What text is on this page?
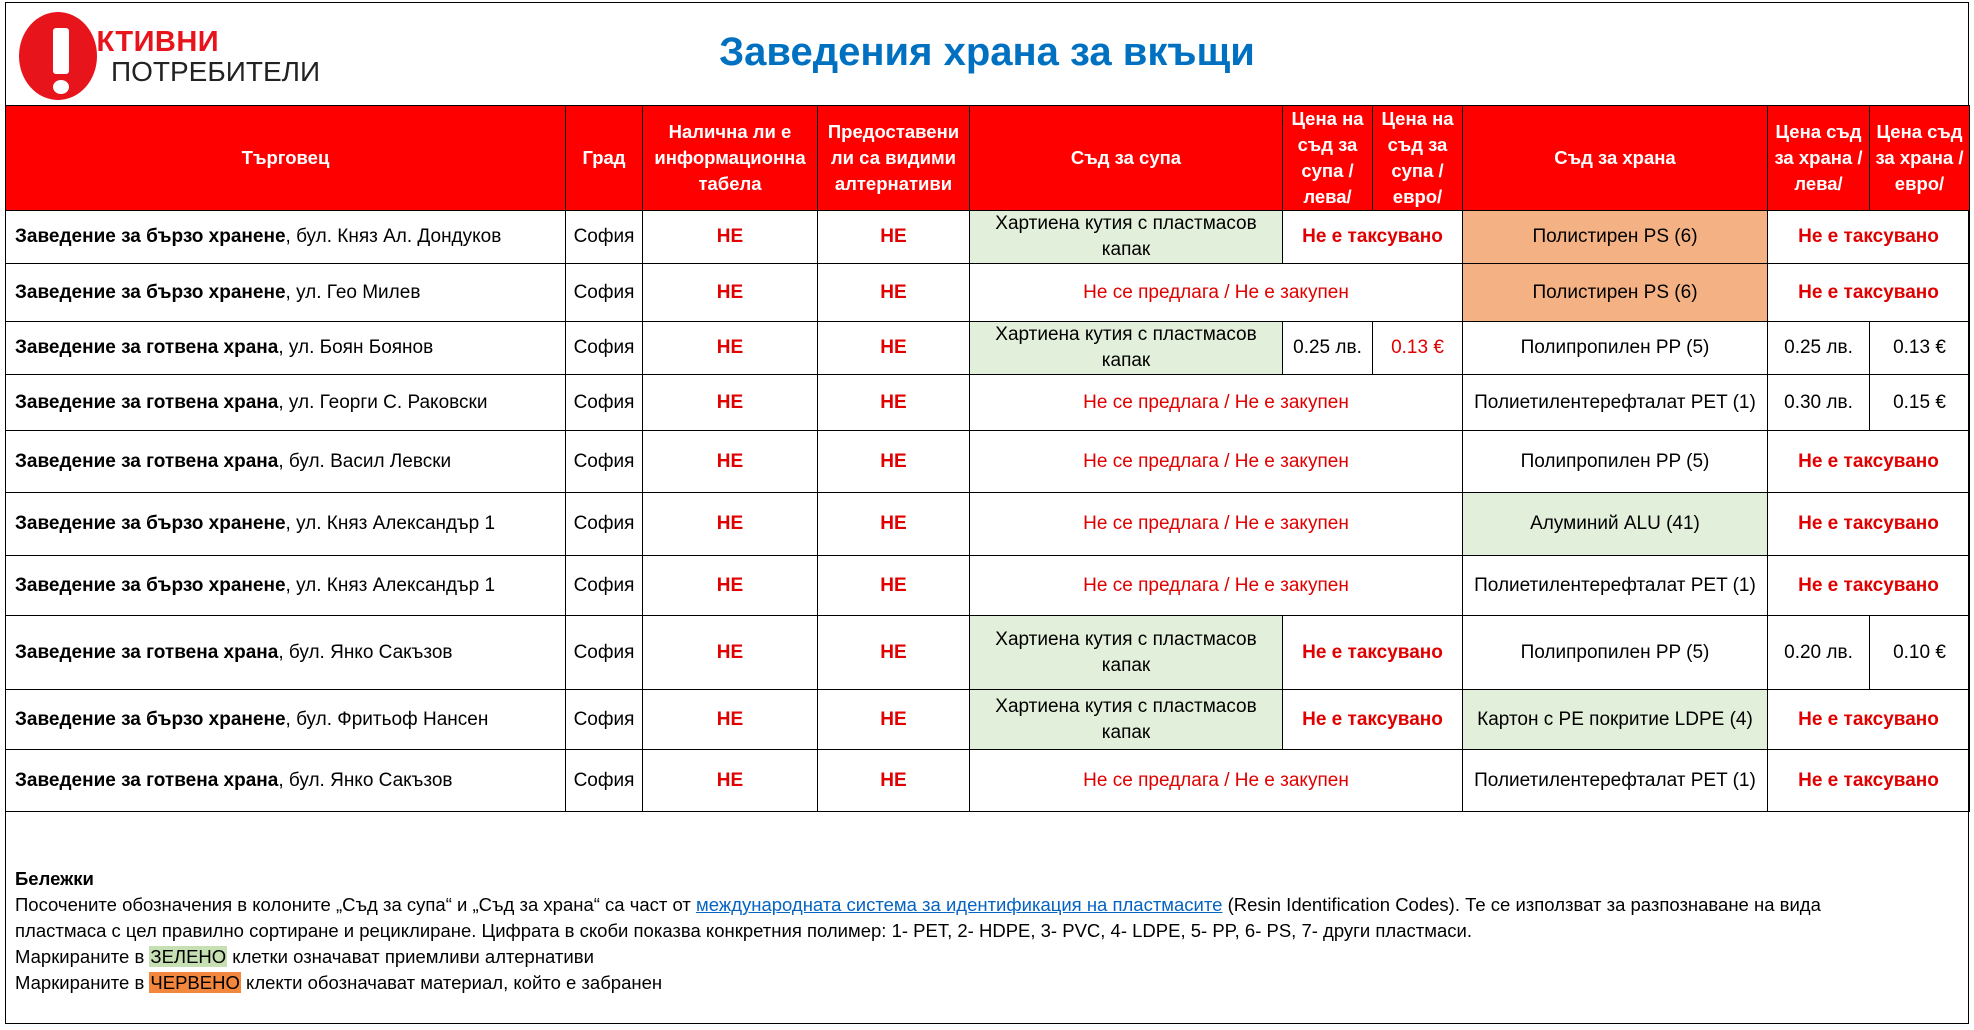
АКТИВНИ
ПОТРЕБИТЕЛИ	Заведения храна за вкъщи
Търговец	Град	Налична ли е информационна табела	Предоставени ли са видими алтернативи	Съд за супа	Цена на съд за супа /лева/	Цена на съд за супа /евро/	Съд за храна	Цена съд за храна /лева/	Цена съд за храна /евро/
Заведение за бързо хранене, бул. Княз Ал. Дондуков	София	НЕ	НЕ	Хартиена кутия с пластмасов капак	Не е таксувано		Полистирен PS (6)	Не е таксувано	
Заведение за бързо хранене, ул. Гео Милев	София	НЕ	НЕ	Не се предлага / Не е закупен			Полистирен PS (6)	Не е таксувано	
Заведение за готвена храна, ул. Боян Боянов	София	НЕ	НЕ	Хартиена кутия с пластмасов капак	0.25 лв.	0.13 €	Полипропилен PP (5)	0.25 лв.	0.13 €
Заведение за готвена храна, ул. Георги С. Раковски	София	НЕ	НЕ	Не се предлага / Не е закупен			Полиетилентерефталат PET (1)	0.30 лв.	0.15 €
Заведение за готвена храна, бул. Васил Левски	София	НЕ	НЕ	Не се предлага / Не е закупен			Полипропилен PP (5)	Не е таксувано	
Заведение за бързо хранене, ул. Княз Александър 1	София	НЕ	НЕ	Не се предлага / Не е закупен			Алуминий ALU (41)	Не е таксувано	
Заведение за бързо хранене, ул. Княз Александър 1	София	НЕ	НЕ	Не се предлага / Не е закупен			Полиетилентерефталат PET (1)	Не е таксувано	
Заведение за готвена храна, бул. Янко Сакъзов	София	НЕ	НЕ	Хартиена кутия с пластмасов капак	Не е таксувано		Полипропилен PP (5)	0.20 лв.	0.10 €
Заведение за бързо хранене, бул. Фритьоф Нансен	София	НЕ	НЕ	Хартиена кутия с пластмасов капак	Не е таксувано		Картон с PE покритие LDPE (4)	Не е таксувано	
Заведение за готвена храна, бул. Янко Сакъзов	София	НЕ	НЕ	Не се предлага / Не е закупен			Полиетилентерефталат PET (1)	Не е таксувано	
Бележки
Посочените обозначения в колоните „Съд за супа“ и „Съд за храна“ са част от международната система за идентификация на пластмасите (Resin Identification Codes). Те се използват за разпознаване на вида
пластмаса с цел правилно сортиране и рециклиране. Цифрата в скоби показва конкретния полимер: 1- PET, 2- HDPE, 3- PVC, 4- LDPE, 5- PP, 6- PS, 7- други пластмаси.
Маркираните в ЗЕЛЕНО клетки означават приемливи алтернативи
Маркираните в ЧЕРВЕНО клекти обозначават материал, който е забранен
